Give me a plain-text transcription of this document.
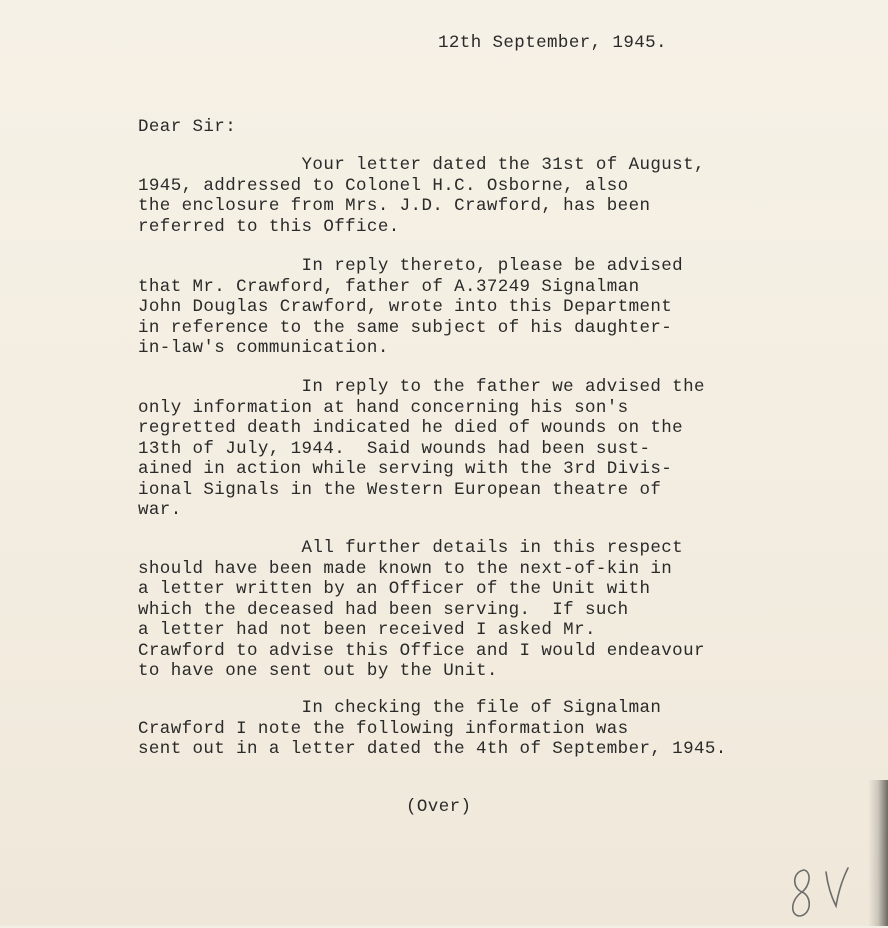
12th September, 1945.
Dear Sir:

Your letter dated the 31st of August,
1945, addressed to Colonel H.C. Osborne, also
the enclosure from Mrs. J.D. Crawford, has been
referred to this Office.

In reply thereto, please be advised
that Mr. Crawford, father of A.37249 Signalman
John Douglas Crawford, wrote into this Department
in reference to the same subject of his daughter-
in-law's communication.

In reply to the father we advised the
only information at hand concerning his son's
regretted death indicated he died of wounds on the
13th of July, 1944.  Said wounds had been sust-
ained in action while serving with the 3rd Divis-
ional Signals in the Western European theatre of
war.

All further details in this respect
should have been made known to the next-of-kin in
a letter written by an Officer of the Unit with
which the deceased had been serving.  If such
a letter had not been received I asked Mr.
Crawford to advise this Office and I would endeavour
to have one sent out by the Unit.

In checking the file of Signalman
Crawford I note the following information was
sent out in a letter dated the 4th of September, 1945.

(Over)
